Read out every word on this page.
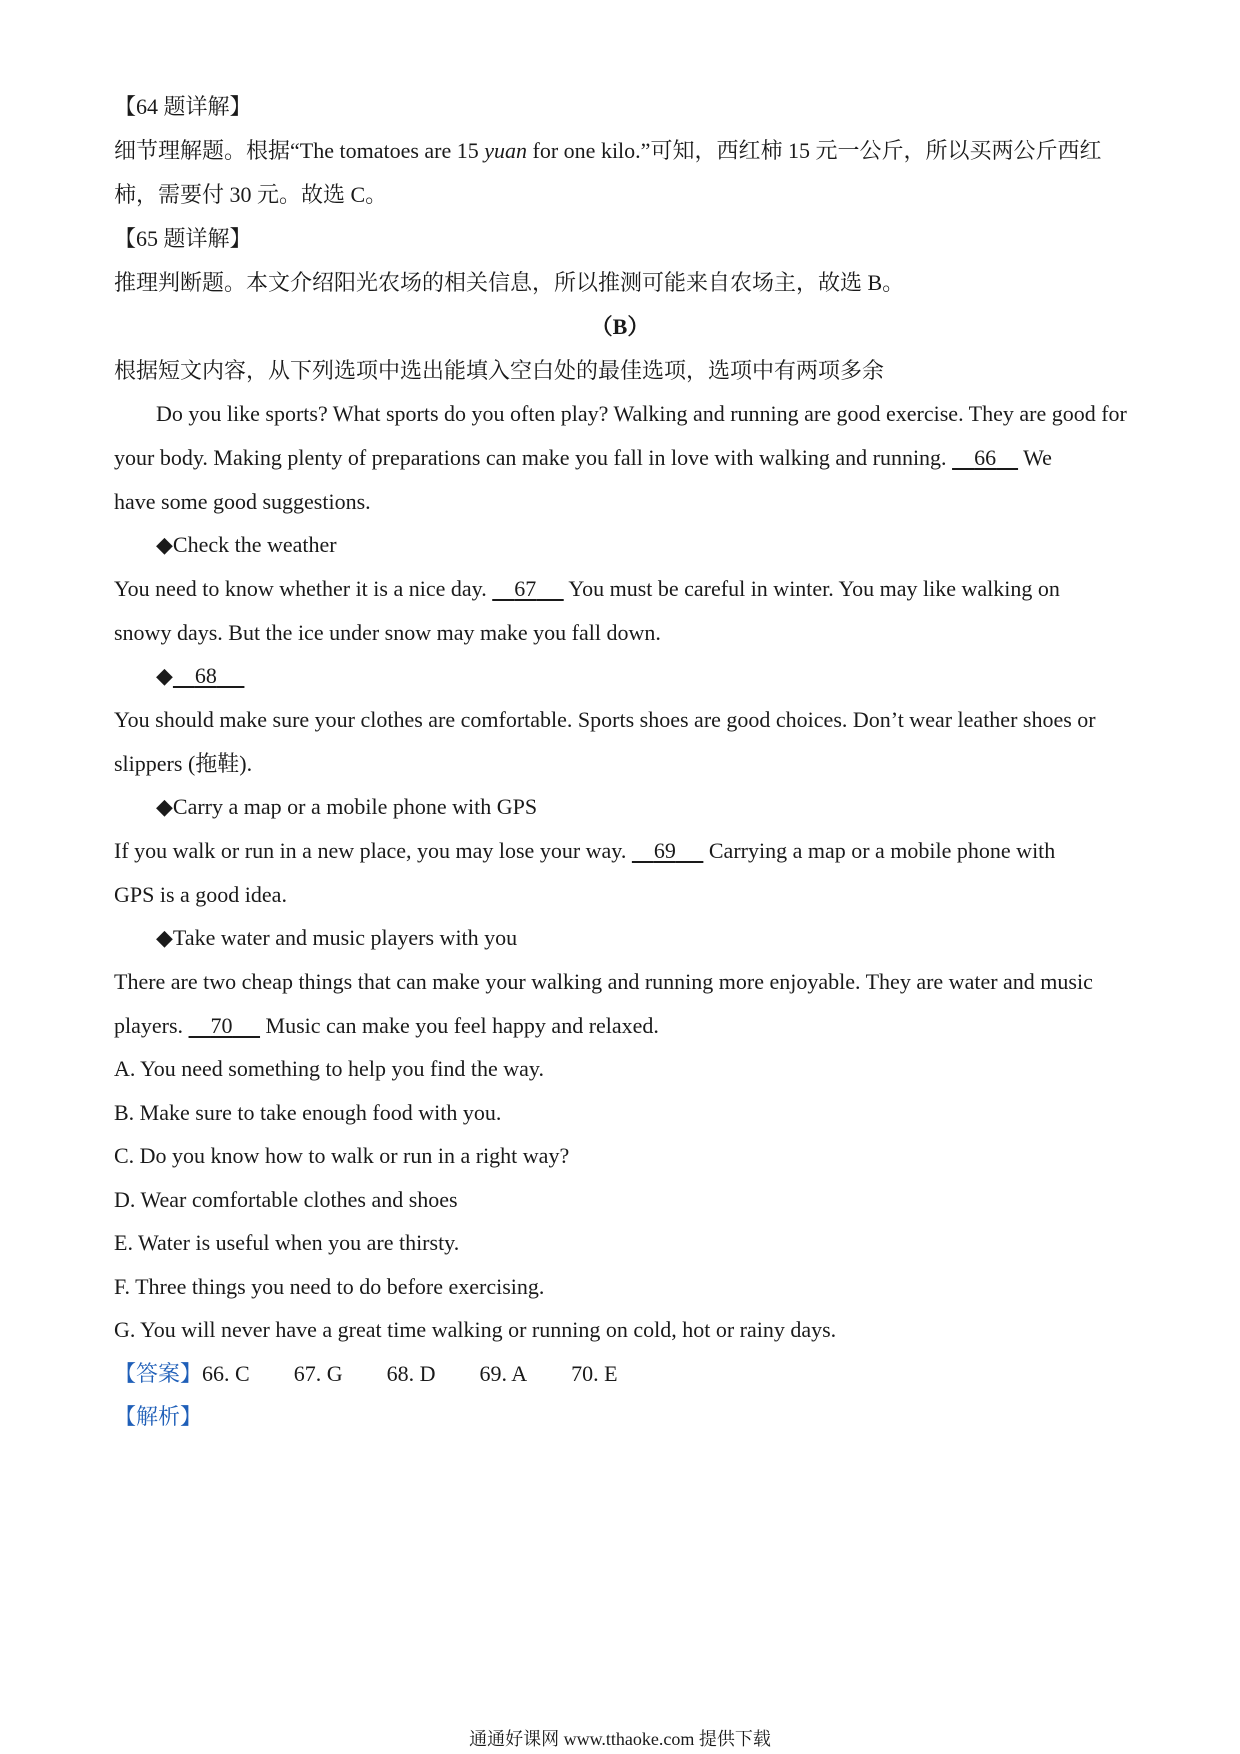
【64 题详解】
细节理解题。根据“The tomatoes are 15 yuan for one kilo.”可知，西红柿 15 元一公斤，所以买两公斤西红
柿，需要付 30 元。故选 C。
【65 题详解】
推理判断题。本文介绍阳光农场的相关信息，所以推测可能来自农场主，故选 B。
（B）
根据短文内容，从下列选项中选出能填入空白处的最佳选项，选项中有两项多余
Do you like sports? What sports do you often play? Walking and running are good exercise. They are good for
your body. Making plenty of preparations can make you fall in love with walking and running.     66     We
have some good suggestions.
◆Check the weather
You need to know whether it is a nice day.     67      You must be careful in winter. You may like walking on
snowy days. But the ice under snow may make you fall down.
◆ 68
You should make sure your clothes are comfortable. Sports shoes are good choices. Don’t wear leather shoes or
slippers (拖鞋).
◆Carry a map or a mobile phone with GPS
If you walk or run in a new place, you may lose your way.     69      Carrying a map or a mobile phone with
GPS is a good idea.
◆Take water and music players with you
There are two cheap things that can make your walking and running more enjoyable. They are water and music
players.     70      Music can make you feel happy and relaxed.
A. You need something to help you find the way.
B. Make sure to take enough food with you.
C. Do you know how to walk or run in a right way?
D. Wear comfortable clothes and shoes
E. Water is useful when you are thirsty.
F. Three things you need to do before exercising.
G. You will never have a great time walking or running on cold, hot or rainy days.
【答案】66. C 67. G 68. D 69. A 70. E
【解析】
通通好课网 www.tthaoke.com 提供下载
